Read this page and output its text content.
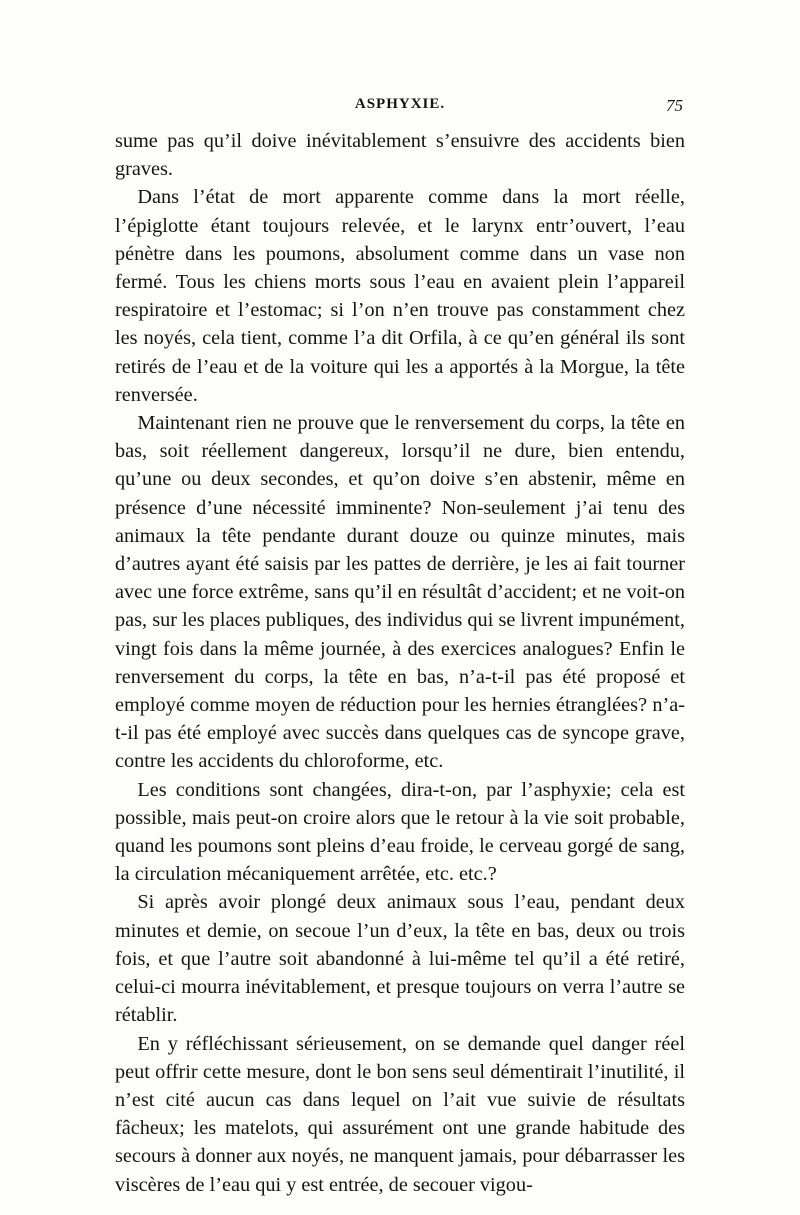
ASPHYXIE.	75

sume pas qu’il doive inévitablement s’ensuivre des accidents bien graves.

Dans l’état de mort apparente comme dans la mort réelle, l’épiglotte étant toujours relevée, et le larynx entr’ouvert, l’eau pénètre dans les poumons, absolument comme dans un vase non fermé. Tous les chiens morts sous l’eau en avaient plein l’appareil respiratoire et l’estomac; si l’on n’en trouve pas constamment chez les noyés, cela tient, comme l’a dit Orfila, à ce qu’en général ils sont retirés de l’eau et de la voiture qui les a apportés à la Morgue, la tête renversée.

Maintenant rien ne prouve que le renversement du corps, la tête en bas, soit réellement dangereux, lorsqu’il ne dure, bien entendu, qu’une ou deux secondes, et qu’on doive s’en abstenir, même en présence d’une nécessité imminente? Non-seulement j’ai tenu des animaux la tête pendante durant douze ou quinze minutes, mais d’autres ayant été saisis par les pattes de derrière, je les ai fait tourner avec une force extrême, sans qu’il en résultât d’accident; et ne voit-on pas, sur les places publiques, des individus qui se livrent impunément, vingt fois dans la même journée, à des exercices analogues? Enfin le renversement du corps, la tête en bas, n’a-t-il pas été proposé et employé comme moyen de réduction pour les hernies étranglées? n’a-t-il pas été employé avec succès dans quelques cas de syncope grave, contre les accidents du chloroforme, etc.

Les conditions sont changées, dira-t-on, par l’asphyxie; cela est possible, mais peut-on croire alors que le retour à la vie soit probable, quand les poumons sont pleins d’eau froide, le cerveau gorgé de sang, la circulation mécaniquement arrêtée, etc. etc.?

Si après avoir plongé deux animaux sous l’eau, pendant deux minutes et demie, on secoue l’un d’eux, la tête en bas, deux ou trois fois, et que l’autre soit abandonné à lui-même tel qu’il a été retiré, celui-ci mourra inévitablement, et presque toujours on verra l’autre se rétablir.

En y réfléchissant sérieusement, on se demande quel danger réel peut offrir cette mesure, dont le bon sens seul démentirait l’inutilité, il n’est cité aucun cas dans lequel on l’ait vue suivie de résultats fâcheux; les matelots, qui assurément ont une grande habitude des secours à donner aux noyés, ne manquent jamais, pour débarrasser les viscères de l’eau qui y est entrée, de secouer vigou-
